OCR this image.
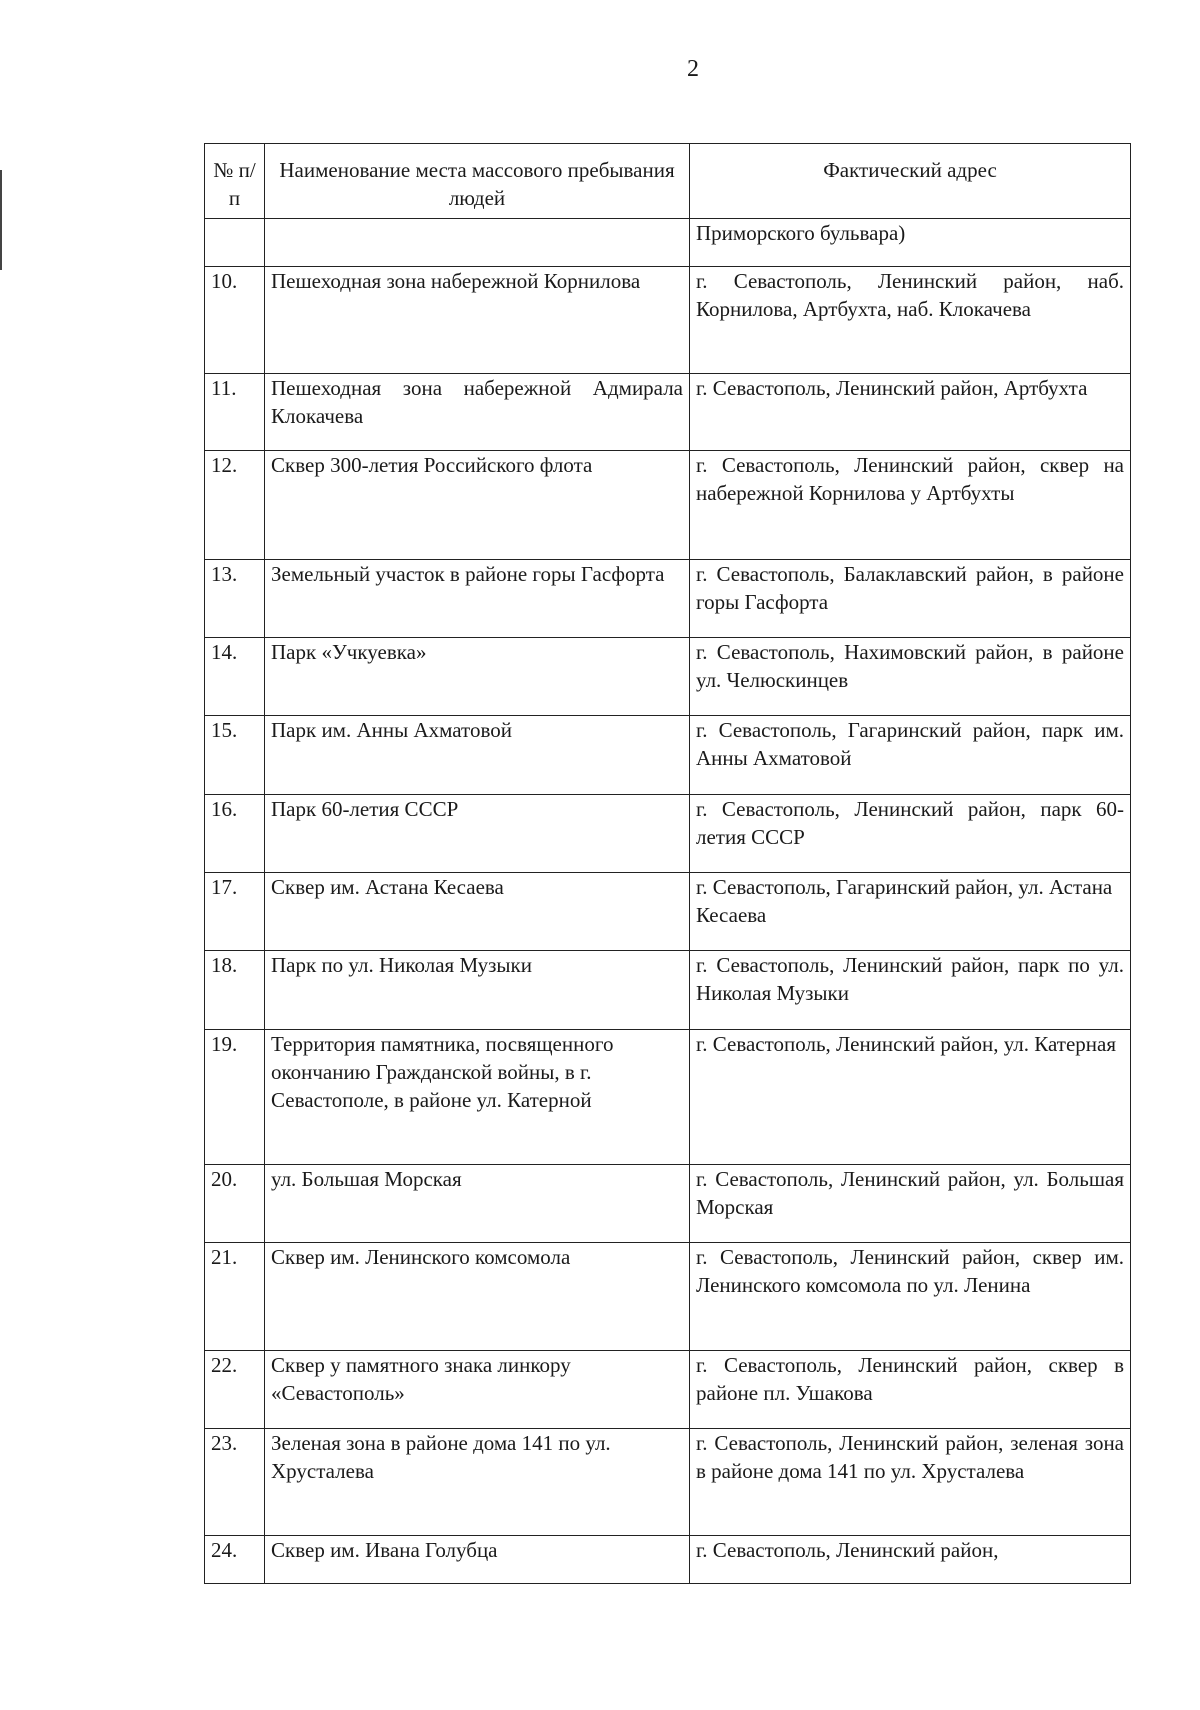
2
№ п/п	Наименование места массового пребывания людей	Фактический адрес
		Приморского бульвара)
10.	Пешеходная зона набережной Корнилова	г. Севастополь, Ленинский район, наб. Корнилова, Артбухта, наб. Клокачева
11.	Пешеходная зона набережной Адмирала Клокачева	г. Севастополь, Ленинский район, Артбухта
12.	Сквер 300-летия Российского флота	г. Севастополь, Ленинский район, сквер на набережной Корнилова у Артбухты
13.	Земельный участок в районе горы Гасфорта	г. Севастополь, Балаклавский район, в районе горы Гасфорта
14.	Парк «Учкуевка»	г. Севастополь, Нахимовский район, в районе ул. Челюскинцев
15.	Парк им. Анны Ахматовой	г. Севастополь, Гагаринский район, парк им. Анны Ахматовой
16.	Парк 60-летия СССР	г. Севастополь, Ленинский район, парк 60-летия СССР
17.	Сквер им. Астана Кесаева	г. Севастополь, Гагаринский район, ул. Астана Кесаева
18.	Парк по ул. Николая Музыки	г. Севастополь, Ленинский район, парк по ул. Николая Музыки
19.	Территория памятника, посвященного окончанию Гражданской войны, в г. Севастополе, в районе ул. Катерной	г. Севастополь, Ленинский район, ул. Катерная
20.	ул. Большая Морская	г. Севастополь, Ленинский район, ул. Большая Морская
21.	Сквер им. Ленинского комсомола	г. Севастополь, Ленинский район, сквер им. Ленинского комсомола по ул. Ленина
22.	Сквер у памятного знака линкору «Севастополь»	г. Севастополь, Ленинский район, сквер в районе пл. Ушакова
23.	Зеленая зона в районе дома 141 по ул. Хрусталева	г. Севастополь, Ленинский район, зеленая зона в районе дома 141 по ул. Хрусталева
24.	Сквер им. Ивана Голубца	г. Севастополь, Ленинский район,
